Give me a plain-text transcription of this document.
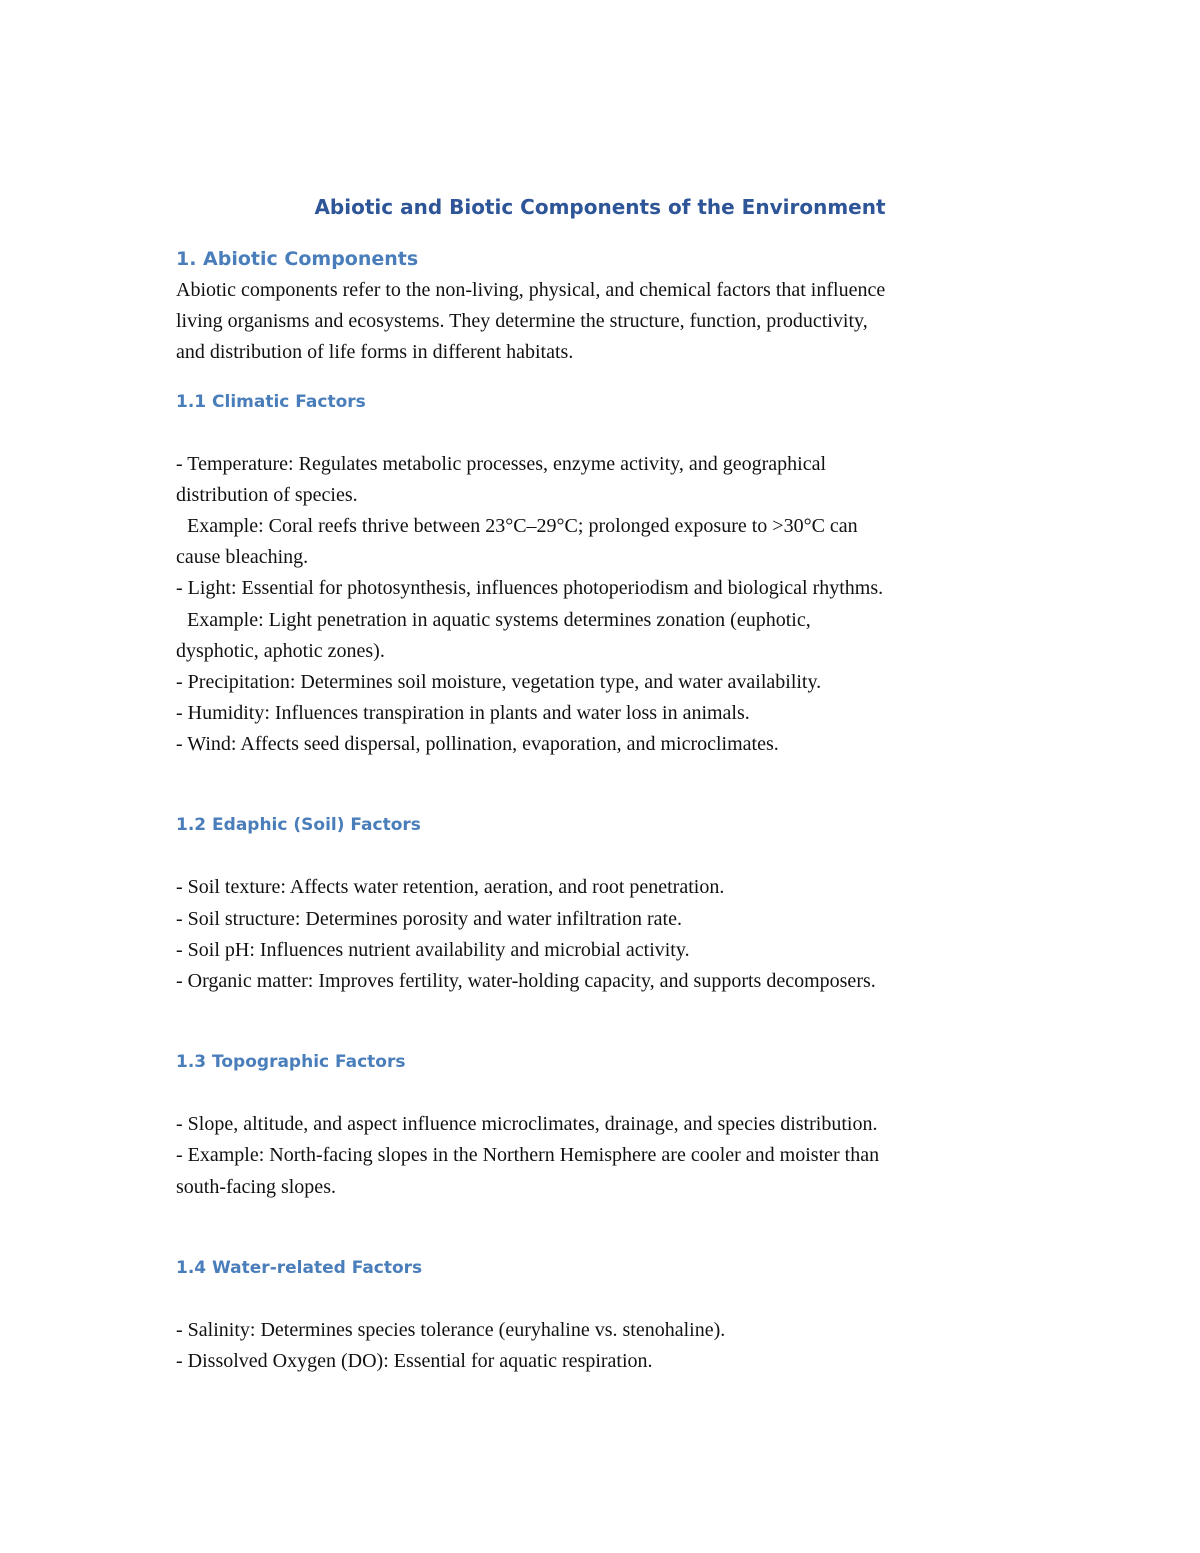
Abiotic and Biotic Components of the Environment
1. Abiotic Components
Abiotic components refer to the non-living, physical, and chemical factors that influence
living organisms and ecosystems. They determine the structure, function, productivity,
and distribution of life forms in different habitats.
1.1 Climatic Factors
- Temperature: Regulates metabolic processes, enzyme activity, and geographical
distribution of species.
Example: Coral reefs thrive between 23°C–29°C; prolonged exposure to >30°C can
cause bleaching.
- Light: Essential for photosynthesis, influences photoperiodism and biological rhythms.
Example: Light penetration in aquatic systems determines zonation (euphotic,
dysphotic, aphotic zones).
- Precipitation: Determines soil moisture, vegetation type, and water availability.
- Humidity: Influences transpiration in plants and water loss in animals.
- Wind: Affects seed dispersal, pollination, evaporation, and microclimates.
1.2 Edaphic (Soil) Factors
- Soil texture: Affects water retention, aeration, and root penetration.
- Soil structure: Determines porosity and water infiltration rate.
- Soil pH: Influences nutrient availability and microbial activity.
- Organic matter: Improves fertility, water-holding capacity, and supports decomposers.
1.3 Topographic Factors
- Slope, altitude, and aspect influence microclimates, drainage, and species distribution.
- Example: North-facing slopes in the Northern Hemisphere are cooler and moister than
south-facing slopes.
1.4 Water-related Factors
- Salinity: Determines species tolerance (euryhaline vs. stenohaline).
- Dissolved Oxygen (DO): Essential for aquatic respiration.
